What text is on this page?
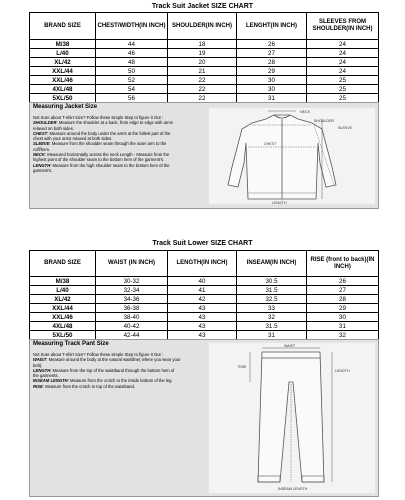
Track Suit Jacket SIZE CHART
BRAND SIZE	CHEST/WIDTH(IN INCH)	SHOULDER(IN INCH)	LENGHT(IN INCH)	SLEEVES FROM SHOULDER(IN INCH)
M/38	44	18	26	24
L/40	46	19	27	24
XL/42	48	20	28	24
XXL/44	50	21	29	24
XXL/46	52	22	30	25
4XL/48	54	22	30	25
5XL/50	56	22	31	25
Measuring Jacket Size

Not Sure about T-shirt Size? Follow these simple Step to figure it Out :

SHOULDER: Measure the shoulder at a back, from edge to edge with arms relaxed on both sides.

CHEST: Measure around the body under the arms at the fullest part of the chest with your arms relaxed at both sides.

SLEEVE: Measure from the shoulder seam through the outer arm to the cuff/hem.

NECK: Measured horizontally across the neck Length - Measure from the highest point of the shoulder seam to the bottom hem of the garment's.

LENGTH: Measure from the high shoulder seam to the bottom hem of the garment's.

NECK
SHOULDER
SLEEVE
CHEST
LENGTH
Track Suit Lower SIZE CHART
BRAND SIZE	WAIST (IN INCH)	LENGTH(IN INCH)	INSEAM(IN INCH)	RISE (front to back)(IN INCH)
M/38	30-32	40	30.5	26
L/40	32-34	41	31.5	27
XL/42	34-36	42	32.5	28
XXL/44	36-38	43	33	29
XXL/46	38-40	43	32	30
4XL/48	40-42	43	31.5	31
5XL/50	42-44	43	31	32
Measuring Track Pant Size

Not Sure about T-shirt Size? Follow these simple Step to figure it Out :

WAIST: Measure around the body at the natural waistline( where you wear your belt).

LENGTH: Measure from the top of the waistband through the bottom hem of the garments.

INSEAM LENGTH: Measure from the crotch to the inside bottom of the leg.

RISE: Measure from the crotch to top of the waistband.

WAIST
LENGTH
RISE
INSEAM LENGTH
